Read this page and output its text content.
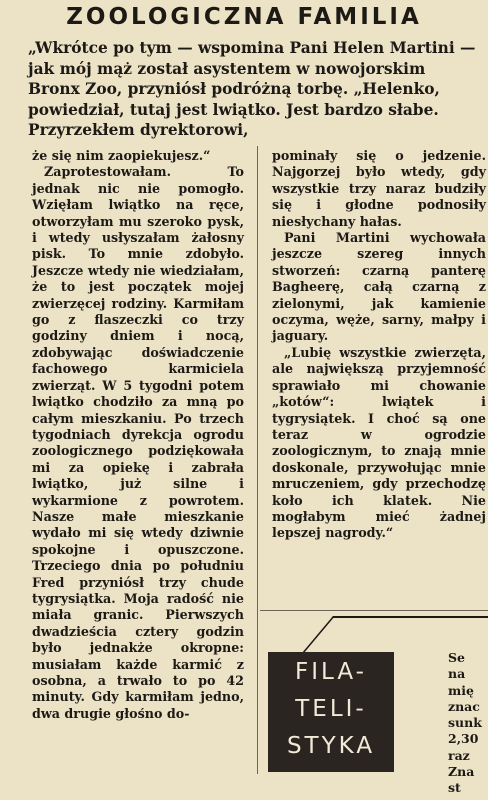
ZOOLOGICZNA FAMILIA

„Wkrótce po tym — wspomina Pani Helen Martini — jak mój mąż został asystentem w nowojorskim Bronx Zoo, przyniósł podróżną torbę. „Helenko, powiedział, tutaj jest lwiątko. Jest bardzo słabe. Przyrzekłem dyrektorowi,

że się nim zaopiekujesz.“

Zaprotestowałam. To jednak nic nie pomogło. Wzięłam lwiątko na ręce, otworzyłam mu szeroko pysk, i wtedy usłyszałam żałosny pisk. To mnie zdobyło. Jeszcze wtedy nie wiedziałam, że to jest początek mojej zwierzęcej rodziny. Karmiłam go z flaszeczki co trzy godziny dniem i nocą, zdobywając doświadczenie fachowego karmiciela zwierząt. W 5 tygodni potem lwiątko chodziło za mną po całym mieszkaniu. Po trzech tygodniach dyrekcja ogrodu zoologicznego podziękowała mi za opiekę i zabrała lwiątko, już silne i wykarmione z powrotem. Nasze małe mieszkanie wydało mi się wtedy dziwnie spokojne i opuszczone. Trzeciego dnia po południu Fred przyniósł trzy chude tygrysiątka. Moja radość nie miała granic. Pierwszych dwadzieścia cztery godzin było jednakże okropne: musiałam każde karmić z osobna, a trwało to po 42 minuty. Gdy karmiłam jedno, dwa drugie głośno do-

pominały się o jedzenie. Najgorzej było wtedy, gdy wszystkie trzy naraz budziły się i głodne podnosiły niesłychany hałas.

Pani Martini wychowała jeszcze szereg innych stworzeń: czarną panterę Bagheerę, całą czarną z zielonymi, jak kamienie oczyma, węże, sarny, małpy i jaguary.

„Lubię wszystkie zwierzęta, ale największą przyjemność sprawiało mi chowanie „kotów“: lwiątek i tygrysiątek. I choć są one teraz w ogrodzie zoologicznym, to znają mnie doskonale, przywołując mnie mruczeniem, gdy przechodzę koło ich klatek. Nie mogłabym mieć żadnej lepszej nagrody.“

FILA-
TELI-
STYKA
Se
na
mię
znac
sunk
2,30
raz
Zna
st
